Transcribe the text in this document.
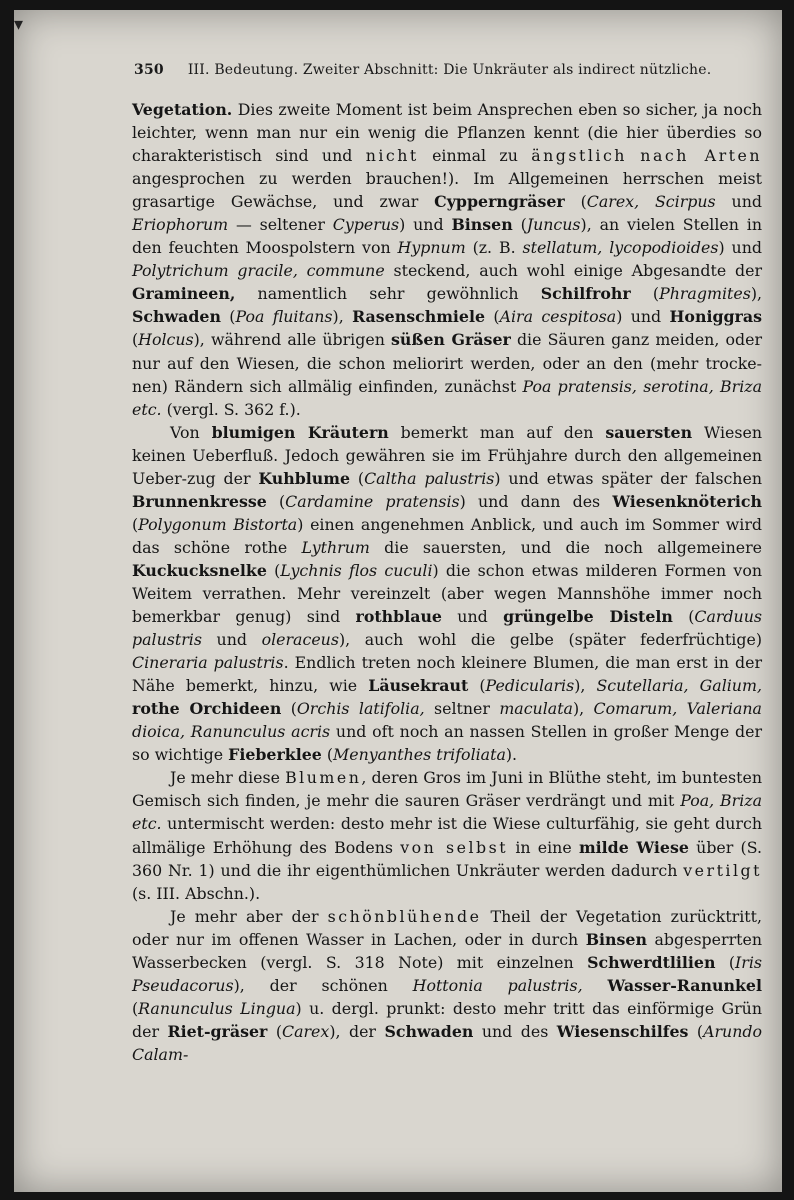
▾
350 III. Bedeutung. Zweiter Abschnitt: Die Unkräuter als indirect nützliche.

Vegetation. Dies zweite Moment ist beim Ansprechen eben so sicher, ja noch leichter, wenn man nur ein wenig die Pflanzen kennt (die hier überdies so charakteristisch sind und nicht einmal zu ängstlich nach Arten angesprochen zu werden brauchen!). Im Allgemeinen herrschen meist grasartige Gewächse, und zwar Cypperngräser (Carex, Scirpus und Eriophorum — seltener Cyperus) und Binsen (Juncus), an vielen Stellen in den feuchten Moospolstern von Hypnum (z. B. stellatum, lycopodioides) und Polytrichum gracile, commune steckend, auch wohl einige Abgesandte der Gramineen, namentlich sehr gewöhnlich Schilfrohr (Phragmites), Schwaden (Poa fluitans), Rasenschmiele (Aira cespitosa) und Honiggras (Holcus), während alle übrigen süßen Gräser die Säuren ganz meiden, oder nur auf den Wiesen, die schon meliorirt werden, oder an den (mehr trocke-nen) Rändern sich allmälig einfinden, zunächst Poa pratensis, serotina, Briza etc. (vergl. S. 362 f.).

Von blumigen Kräutern bemerkt man auf den sauersten Wiesen keinen Ueberfluß. Jedoch gewähren sie im Frühjahre durch den allgemeinen Ueber-zug der Kuhblume (Caltha palustris) und etwas später der falschen Brunnenkresse (Cardamine pratensis) und dann des Wiesenknöterich (Polygonum Bistorta) einen angenehmen Anblick, und auch im Sommer wird das schöne rothe Lythrum die sauersten, und die noch allgemeinere Kuckucksnelke (Lychnis flos cuculi) die schon etwas milderen Formen von Weitem verrathen. Mehr vereinzelt (aber wegen Mannshöhe immer noch bemerkbar genug) sind rothblaue und grüngelbe Disteln (Carduus palustris und oleraceus), auch wohl die gelbe (später federfrüchtige) Cineraria palustris. Endlich treten noch kleinere Blumen, die man erst in der Nähe bemerkt, hinzu, wie Läusekraut (Pedicularis), Scutellaria, Galium, rothe Orchideen (Orchis latifolia, seltner maculata), Comarum, Valeriana dioica, Ranunculus acris und oft noch an nassen Stellen in großer Menge der so wichtige Fieberklee (Menyanthes trifoliata).

Je mehr diese Blumen, deren Gros im Juni in Blüthe steht, im buntesten Gemisch sich finden, je mehr die sauren Gräser verdrängt und mit Poa, Briza etc. untermischt werden: desto mehr ist die Wiese culturfähig, sie geht durch allmälige Erhöhung des Bodens von selbst in eine milde Wiese über (S. 360 Nr. 1) und die ihr eigenthümlichen Unkräuter werden dadurch vertilgt (s. III. Abschn.).

Je mehr aber der schönblühende Theil der Vegetation zurücktritt, oder nur im offenen Wasser in Lachen, oder in durch Binsen abgesperrten Wasserbecken (vergl. S. 318 Note) mit einzelnen Schwerdtlilien (Iris Pseudacorus), der schönen Hottonia palustris, Wasser-Ranunkel (Ranunculus Lingua) u. dergl. prunkt: desto mehr tritt das einförmige Grün der Riet-gräser (Carex), der Schwaden und des Wiesenschilfes (Arundo Calam-
